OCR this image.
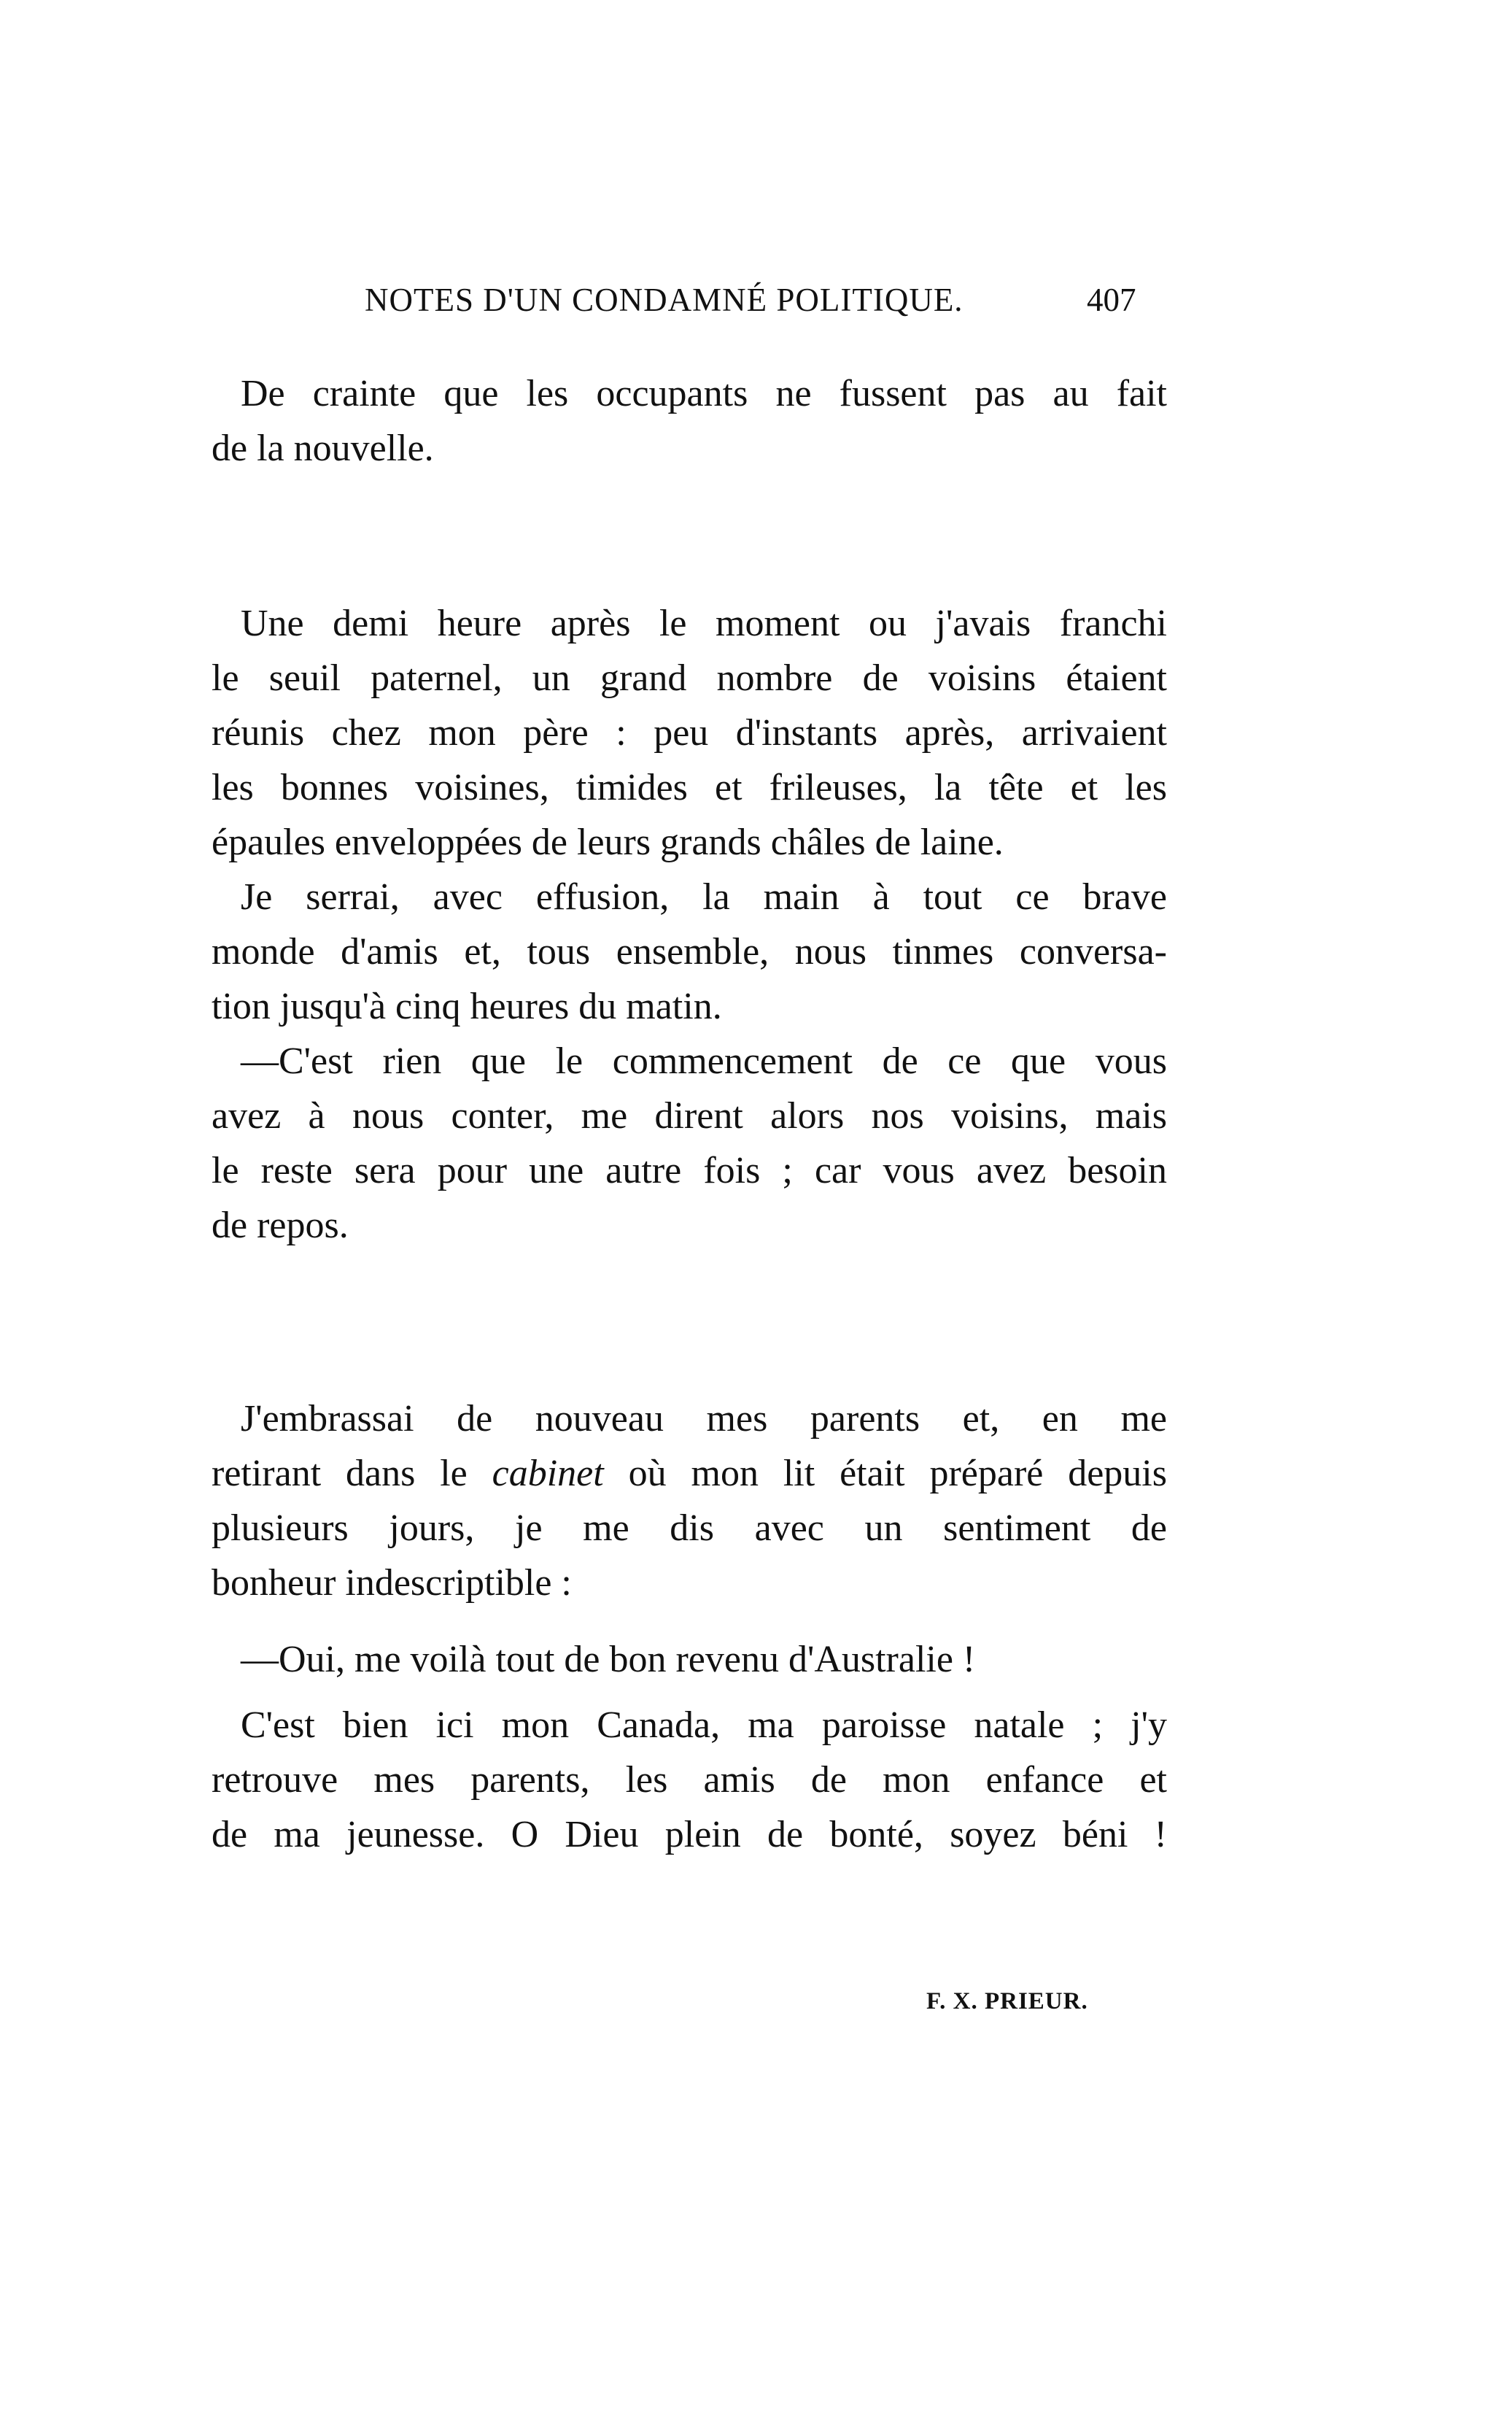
NOTES D'UN CONDAMNÉ POLITIQUE.	407
De crainte que les occupants ne fussent pas au fait
de la nouvelle.
Une demi heure après le moment ou j'avais franchi
le seuil paternel, un grand nombre de voisins étaient
réunis chez mon père : peu d'instants après, arrivaient
les bonnes voisines, timides et frileuses, la tête et les
épaules enveloppées de leurs grands châles de laine.
Je serrai, avec effusion, la main à tout ce brave
monde d'amis et, tous ensemble, nous tinmes conversa-
tion jusqu'à cinq heures du matin.
—C'est rien que le commencement de ce que vous
avez à nous conter, me dirent alors nos voisins, mais
le reste sera pour une autre fois ; car vous avez besoin
de repos.
J'embrassai de nouveau mes parents et, en me
retirant dans le cabinet où mon lit était préparé depuis
plusieurs jours, je me dis avec un sentiment de
bonheur indescriptible :
—Oui, me voilà tout de bon revenu d'Australie !
C'est bien ici mon Canada, ma paroisse natale ; j'y
retrouve mes parents, les amis de mon enfance et
de ma jeunesse. O Dieu plein de bonté, soyez béni !
F. X. PRIEUR.
